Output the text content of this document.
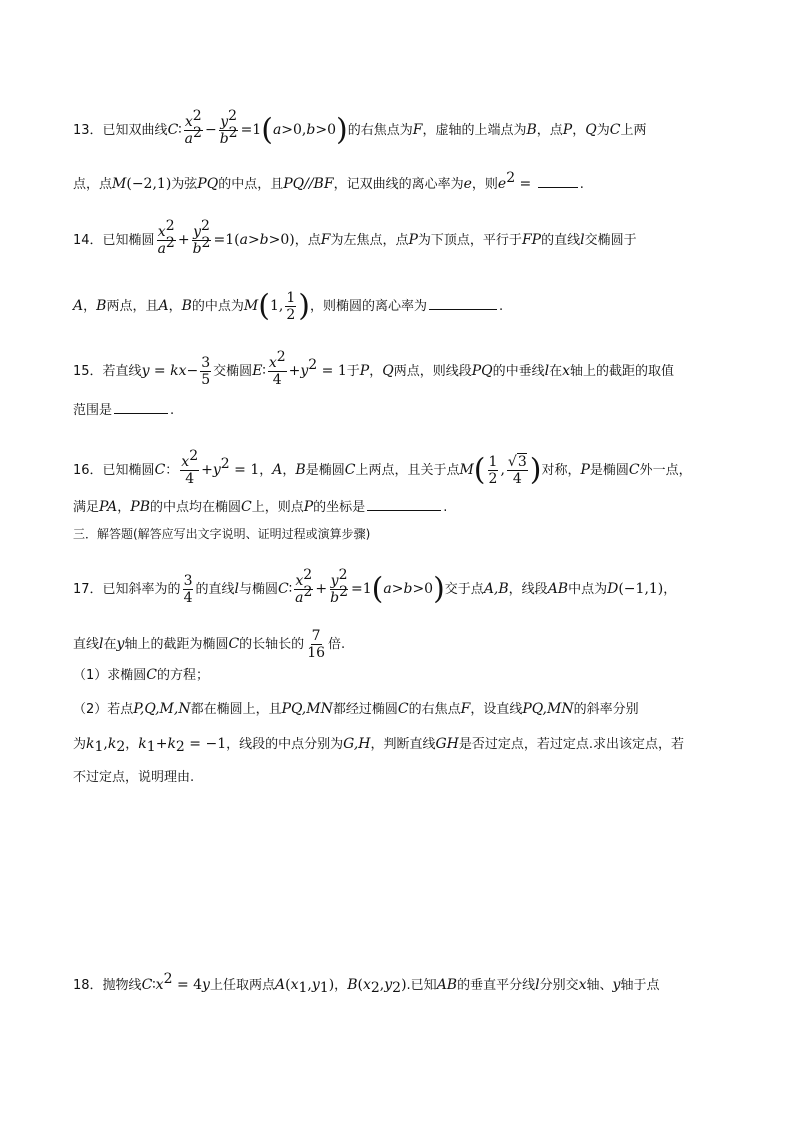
13．已知双曲线C∶ $\frac{x^2}{a^2} - \frac{y^2}{b^2} =1(a>0,b>0)$的右焦点为F，虚轴的上端点为B，点P，Q为C上两
点，点M(−2,1)为弦PQ的中点，且PQ//BF，记双曲线的离心率为e，则$e^2$ =	.
14．已知椭圆 $\frac{x^2}{a^2} + \frac{y^2}{b^2} =1(a>b>0)$，点F为左焦点，点P为下顶点，平行于FP的直线l交椭圆于
A，B两点，且A，B的中点为M(1, $\frac{1}{2}$ )，则椭圆的离心率为	.
15．若直线$y = kx- \frac{3}{5}$ 交椭圆E∶ $\frac{x^2}{4} +y^2 = 1$于P，Q两点，则线段PQ的中垂线l在x轴上的截距的取值
范围是	.
16．已知椭圆C： $\frac{x^2}{4} +y^2 = 1$，A，B是椭圆C上两点，且关于点$M( \frac{1}{2}$ , $\frac{√3}{4}$ )对称，P是椭圆C外一点，
满足PA，PB的中点均在椭圆C上，则点P的坐标是	.
三．解答题(解答应写出文字说明、证明过程或演算步骤)
17．已知斜率为的 $\frac{3}{4}$ 的直线l与椭圆C∶ $\frac{x^2}{a^2} + \frac{y^2}{b^2} =1(a>b>0)$交于点A,B，线段AB中点为D(−1,1)，
直线l在y轴上的截距为椭圆C的长轴长的 $\frac{7}{16}$ 倍.
（1）求椭圆C的方程；
（2）若点P,Q,M,N都在椭圆上，且PQ,MN都经过椭圆C的右焦点F，设直线PQ,MN的斜率分别
为$k_1,k_2$，$k_1+k_2 = -1$，线段的中点分别为G,H，判断直线GH是否过定点，若过定点.求出该定点，若
不过定点，说明理由.
18．抛物线$C∶x^2 = 4y$上任取两点$A(x_1,y_1)$，$B(x_2,y_2)$.已知AB的垂直平分线l分别交x轴、y轴于点
